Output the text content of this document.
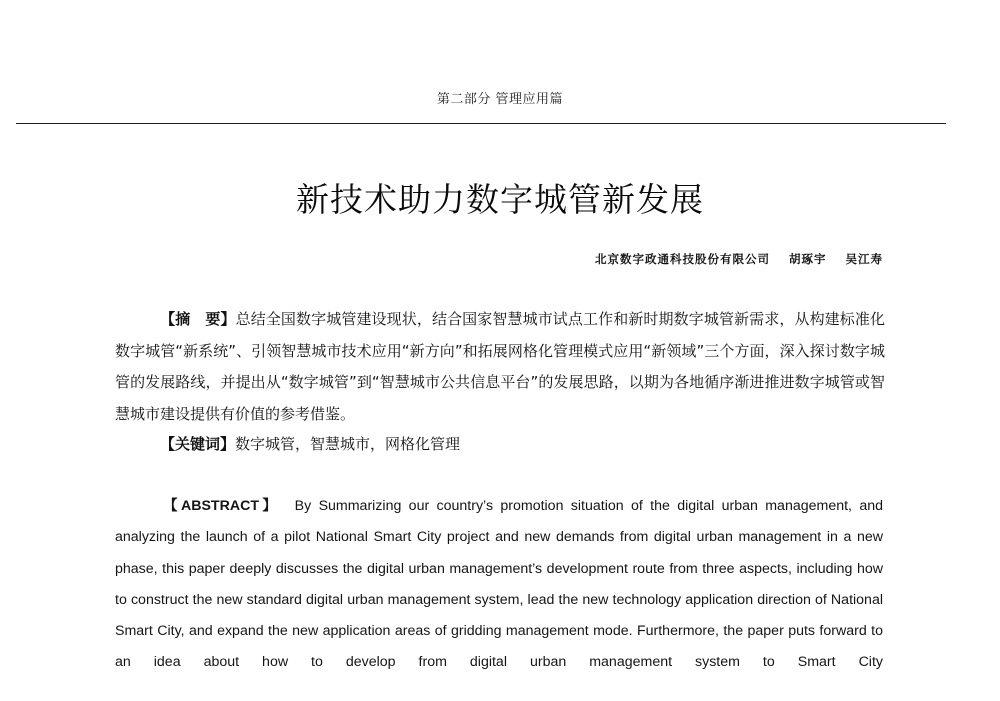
第二部分 管理应用篇
新技术助力数字城管新发展
北京数字政通科技股份有限公司 胡琢宇 吴江寿
【摘　要】总结全国数字城管建设现状，结合国家智慧城市试点工作和新时期数字城管新需求，从构建标准化数字城管“新系统”、引领智慧城市技术应用“新方向”和拓展网格化管理模式应用“新领域”三个方面，深入探讨数字城管的发展路线，并提出从“数字城管”到“智慧城市公共信息平台”的发展思路，以期为各地循序渐进推进数字城管或智慧城市建设提供有价值的参考借鉴。
【关键词】数字城管，智慧城市，网格化管理
【ABSTRACT】 By Summarizing our country’s promotion situation of the digital urban management, and analyzing the launch of a pilot National Smart City project and new demands from digital urban management in a new phase, this paper deeply discusses the digital urban management’s development route from three aspects, including how to construct the new standard digital urban management system, lead the new technology application direction of National Smart City, and expand the new application areas of gridding management mode. Furthermore, the paper puts forward to an idea about how to develop from digital urban management system to Smart City
